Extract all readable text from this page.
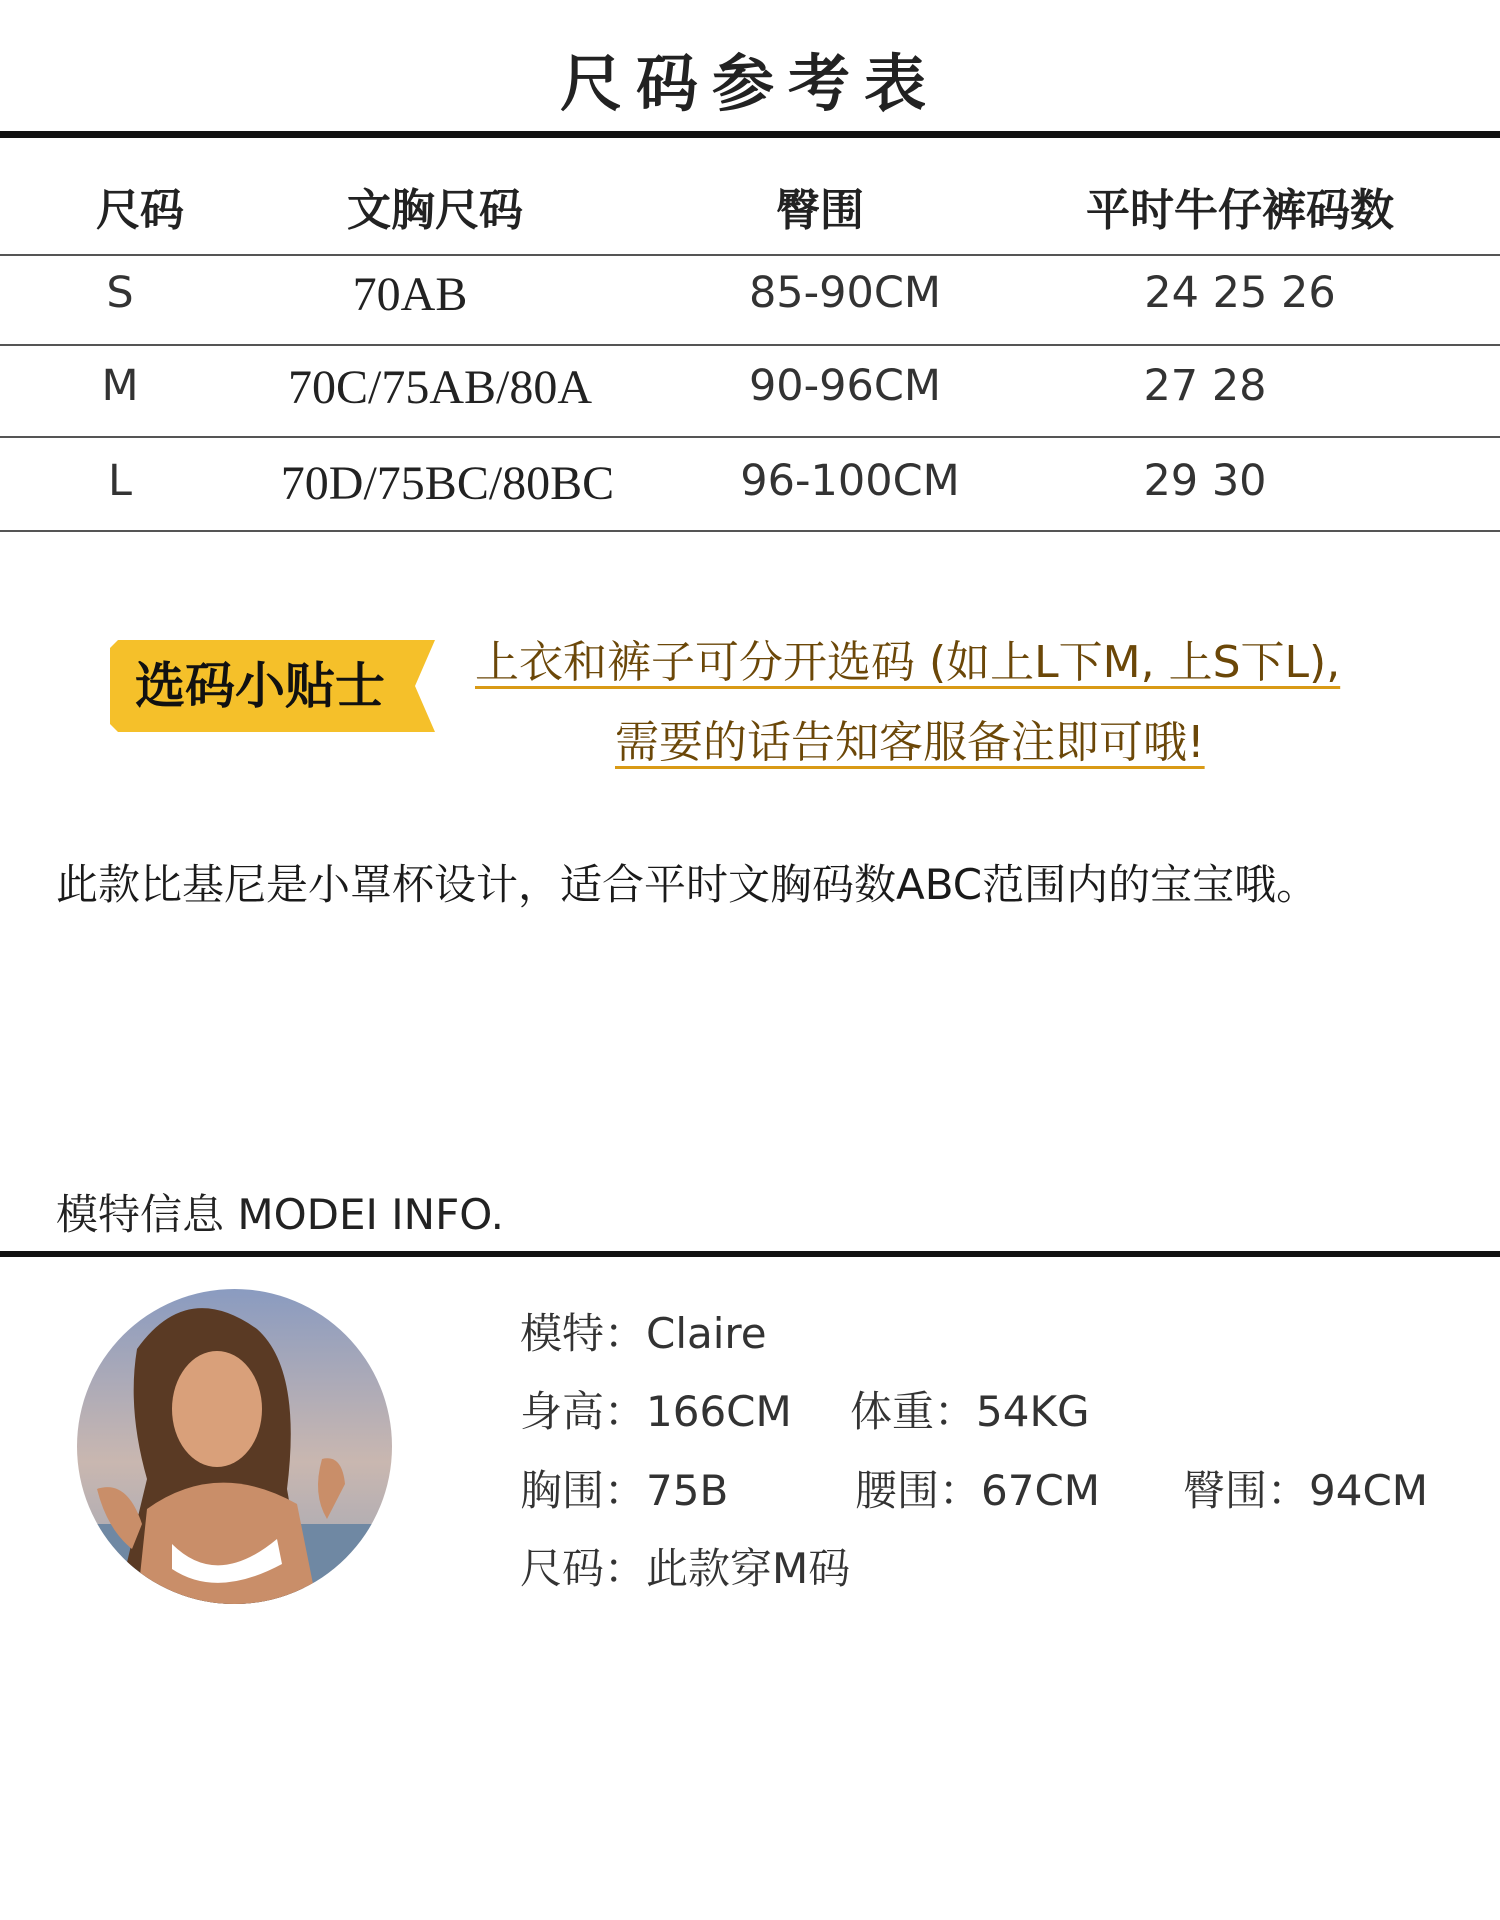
尺码参考表
尺码	文胸尺码	臀围	平时牛仔裤码数
S	70AB	85-90CM	24 25 26
M	70C/75AB/80A	90-96CM	27 28
L	70D/75BC/80BC	96-100CM	29 30
选码小贴士	上衣和裤子可分开选码 (如上L下M, 上S下L),
需要的话告知客服备注即可哦!
此款比基尼是小罩杯设计，适合平时文胸码数ABC范围内的宝宝哦。
模特信息 MODEI INFO.
模特：Claire
身高：166CM 体重：54KG
胸围：75B	腰围：67CM 臀围：94CM
尺码：此款穿M码
